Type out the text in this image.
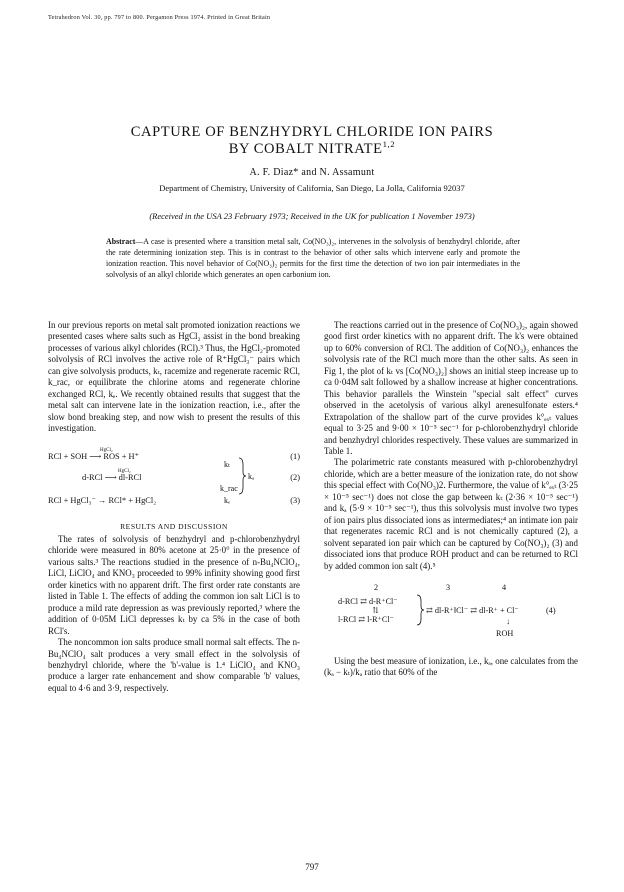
Tetrahedron Vol. 30, pp. 797 to 800. Pergamon Press 1974. Printed in Great Britain
CAPTURE OF BENZHYDRYL CHLORIDE ION PAIRS
BY COBALT NITRATE$^{1,2}$
A. F. Diaz* and N. Assamunt
Department of Chemistry, University of California, San Diego, La Jolla, California 92037
(Received in the USA 23 February 1973; Received in the UK for publication 1 November 1973)
Abstract—A case is presented where a transition metal salt, Co(NO₃)₂, intervenes in the solvolysis of benzhydryl chloride, after the rate determining ionization step. This is in contrast to the behavior of other salts which intervene early and promote the ionization reaction. This novel behavior of Co(NO₃)₂ permits for the first time the detection of two ion pair intermediates in the solvolysis of an alkyl chloride which generates an open carbonium ion.

In our previous reports on metal salt promoted ionization reactions we presented cases where salts such as HgCl₂ assist in the bond breaking processes of various alkyl chlorides (RCl).³ Thus, the HgCl₂-promoted solvolysis of RCl involves the active role of R⁺HgCl₃⁻ pairs which can give solvolysis products, kₜ, racemize and regenerate racemic RCl, k_rac, or equilibrate the chlorine atoms and regenerate chlorine exchanged RCl, kₑ. We recently obtained results that suggest that the metal salt can intervene late in the ionization reaction, i.e., after the slow bond breaking step, and now wish to present the results of this investigation.

RCl + SOH ⟶ ROS + H⁺
HgCl₂
(1)
d-RCl ⟶ dl-RCl
HgCl₂
(2)
RCl + HgCl₃⁻ → RCl* + HgCl₂	(3)
kₜ
k_rac
kₐ
kₑ
RESULTS AND DISCUSSION

The rates of solvolysis of benzhydryl and p-chlorobenzhydryl chloride were measured in 80% acetone at 25·0° in the presence of various salts.³ The reactions studied in the presence of n-Bu₄NClO₄, LiCl, LiClO₄ and KNO₃ proceeded to 99% infinity showing good first order kinetics with no apparent drift. The first order rate constants are listed in Table 1. The effects of adding the common ion salt LiCl is to produce a mild rate depression as was previously reported,³ where the addition of 0·05M LiCl depresses kₜ by ca 5% in the case of both RCl's.

The noncommon ion salts produce small normal salt effects. The n-Bu₄NClO₄ salt produces a very small effect in the solvolysis of benzhydryl chloride, where the 'b'-value is 1.⁴ LiClO₄ and KNO₃ produce a larger rate enhancement and show comparable 'b' values, equal to 4·6 and 3·9, respectively.

The reactions carried out in the presence of Co(NO₃)₂, again showed good first order kinetics with no apparent drift. The k's were obtained up to 60% conversion of RCl. The addition of Co(NO₃)₂ enhances the solvolysis rate of the RCl much more than the other salts. As seen in Fig 1, the plot of kₜ vs [Co(NO₃)₂] shows an initial steep increase up to ca 0·04M salt followed by a shallow increase at higher concentrations. This behavior parallels the Winstein "special salt effect" curves observed in the acetolysis of various alkyl arenesulfonate esters.⁴ Extrapolation of the shallow part of the curve provides k°ₑₓₜ values equal to 3·25 and 9·00 × 10⁻⁵ sec⁻¹ for p-chlorobenzhydryl chloride and benzhydryl chlorides respectively. These values are summarized in Table 1.

The polarimetric rate constants measured with p-chlorobenzhydryl chloride, which are a better measure of the ionization rate, do not show this special effect with Co(NO₃)2. Furthermore, the value of k°ₑₓₜ (3·25 × 10⁻⁵ sec⁻¹) does not close the gap between kₜ (2·36 × 10⁻⁵ sec⁻¹) and kₐ (5·9 × 10⁻⁵ sec⁻¹), thus this solvolysis must involve two types of ion pairs plus dissociated ions as intermediates;⁴ an intimate ion pair that regenerates racemic RCl and is not chemically captured (2), a solvent separated ion pair which can be captured by Co(NO₃)₂ (3) and dissociated ions that produce ROH product and can be returned to RCl by added common ion salt (4).⁵

2	3	4
d-RCl ⇄ d-R⁺Cl⁻
⇅
l-RCl ⇄ l-R⁺Cl⁻
⇄ dl-R⁺‖Cl⁻ ⇄ dl-R⁺ + Cl⁻	(4)
↓
ROH

Using the best measure of ionization, i.e., kₐ, one calculates from the (kₐ − kₜ)/kₐ ratio that 60% of the

797
